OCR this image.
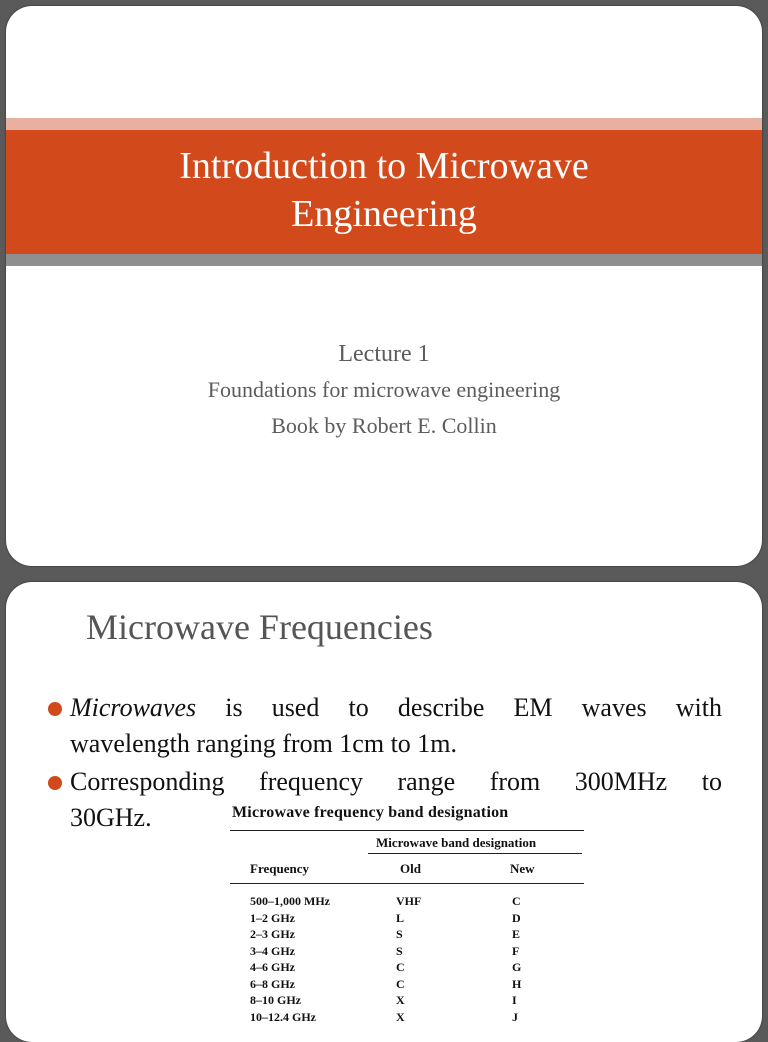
Introduction to Microwave Engineering
Lecture 1
Foundations for microwave engineering
Book by Robert E. Collin
Microwave Frequencies
Microwaves is used to describe EM waves with
wavelength ranging from 1cm to 1m.
Corresponding frequency range from 300MHz to
30GHz.	Microwave frequency band designation
Microwave band designation
Frequency	Old	New
500–1,000 MHz	VHF	C
1–2 GHz	L	D
2–3 GHz	S	E
3–4 GHz	S	F
4–6 GHz	C	G
6–8 GHz	C	H
8–10 GHz	X	I
10–12.4 GHz	X	J
